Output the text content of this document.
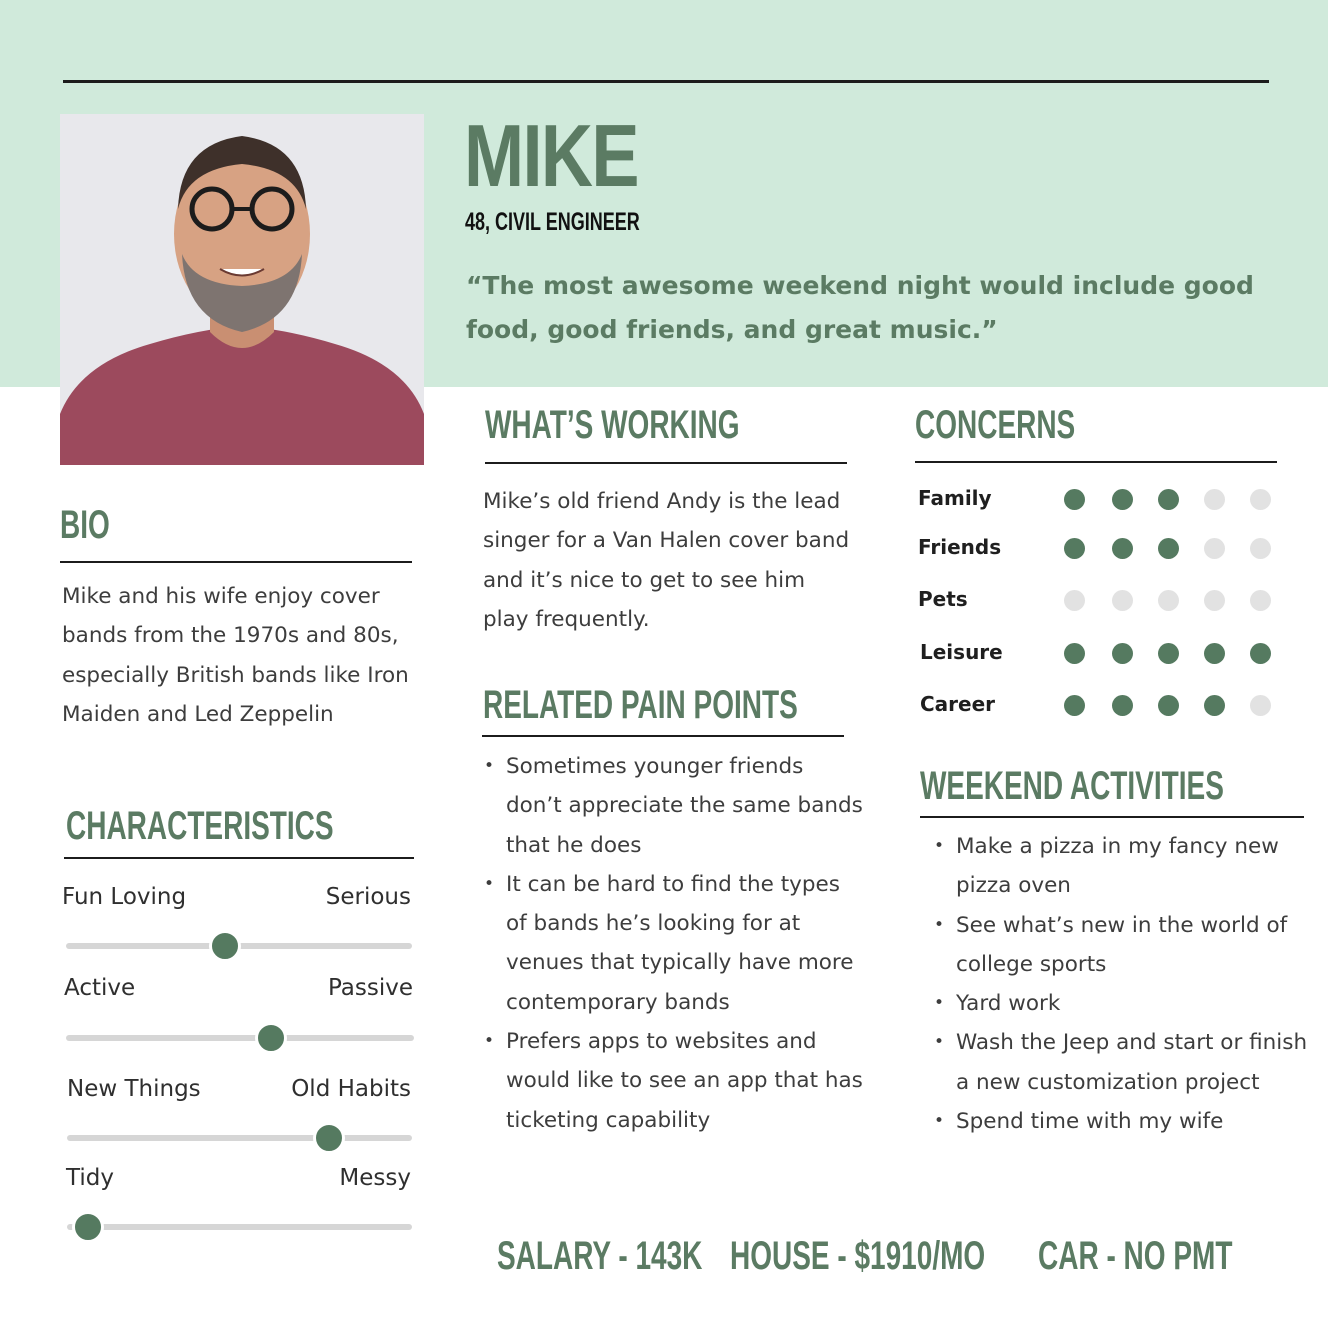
MIKE
48, CIVIL ENGINEER
“The most awesome weekend night would include good food, good friends, and great music.”
BIO
Mike and his wife enjoy cover bands from the 1970s and 80s, especially British bands like Iron Maiden and Led Zeppelin
CHARACTERISTICS
Fun Loving	Serious
Active	Passive
New Things	Old Habits
Tidy	Messy
WHAT’S WORKING
Mike’s old friend Andy is the lead singer for a Van Halen cover band and it’s nice to get to see him play frequently.
RELATED PAIN POINTS
• Sometimes younger friends don’t appreciate the same bands that he does
• It can be hard to find the types of bands he’s looking for at venues that typically have more contemporary bands
• Prefers apps to websites and would like to see an app that has ticketing capability
CONCERNS
Family
Friends
Pets
Leisure
Career
WEEKEND ACTIVITIES
• Make a pizza in my fancy new pizza oven
• See what’s new in the world of college sports
• Yard work
• Wash the Jeep and start or finish a new customization project
• Spend time with my wife
SALARY - 143K HOUSE - $1910/MO CAR - NO PMT
